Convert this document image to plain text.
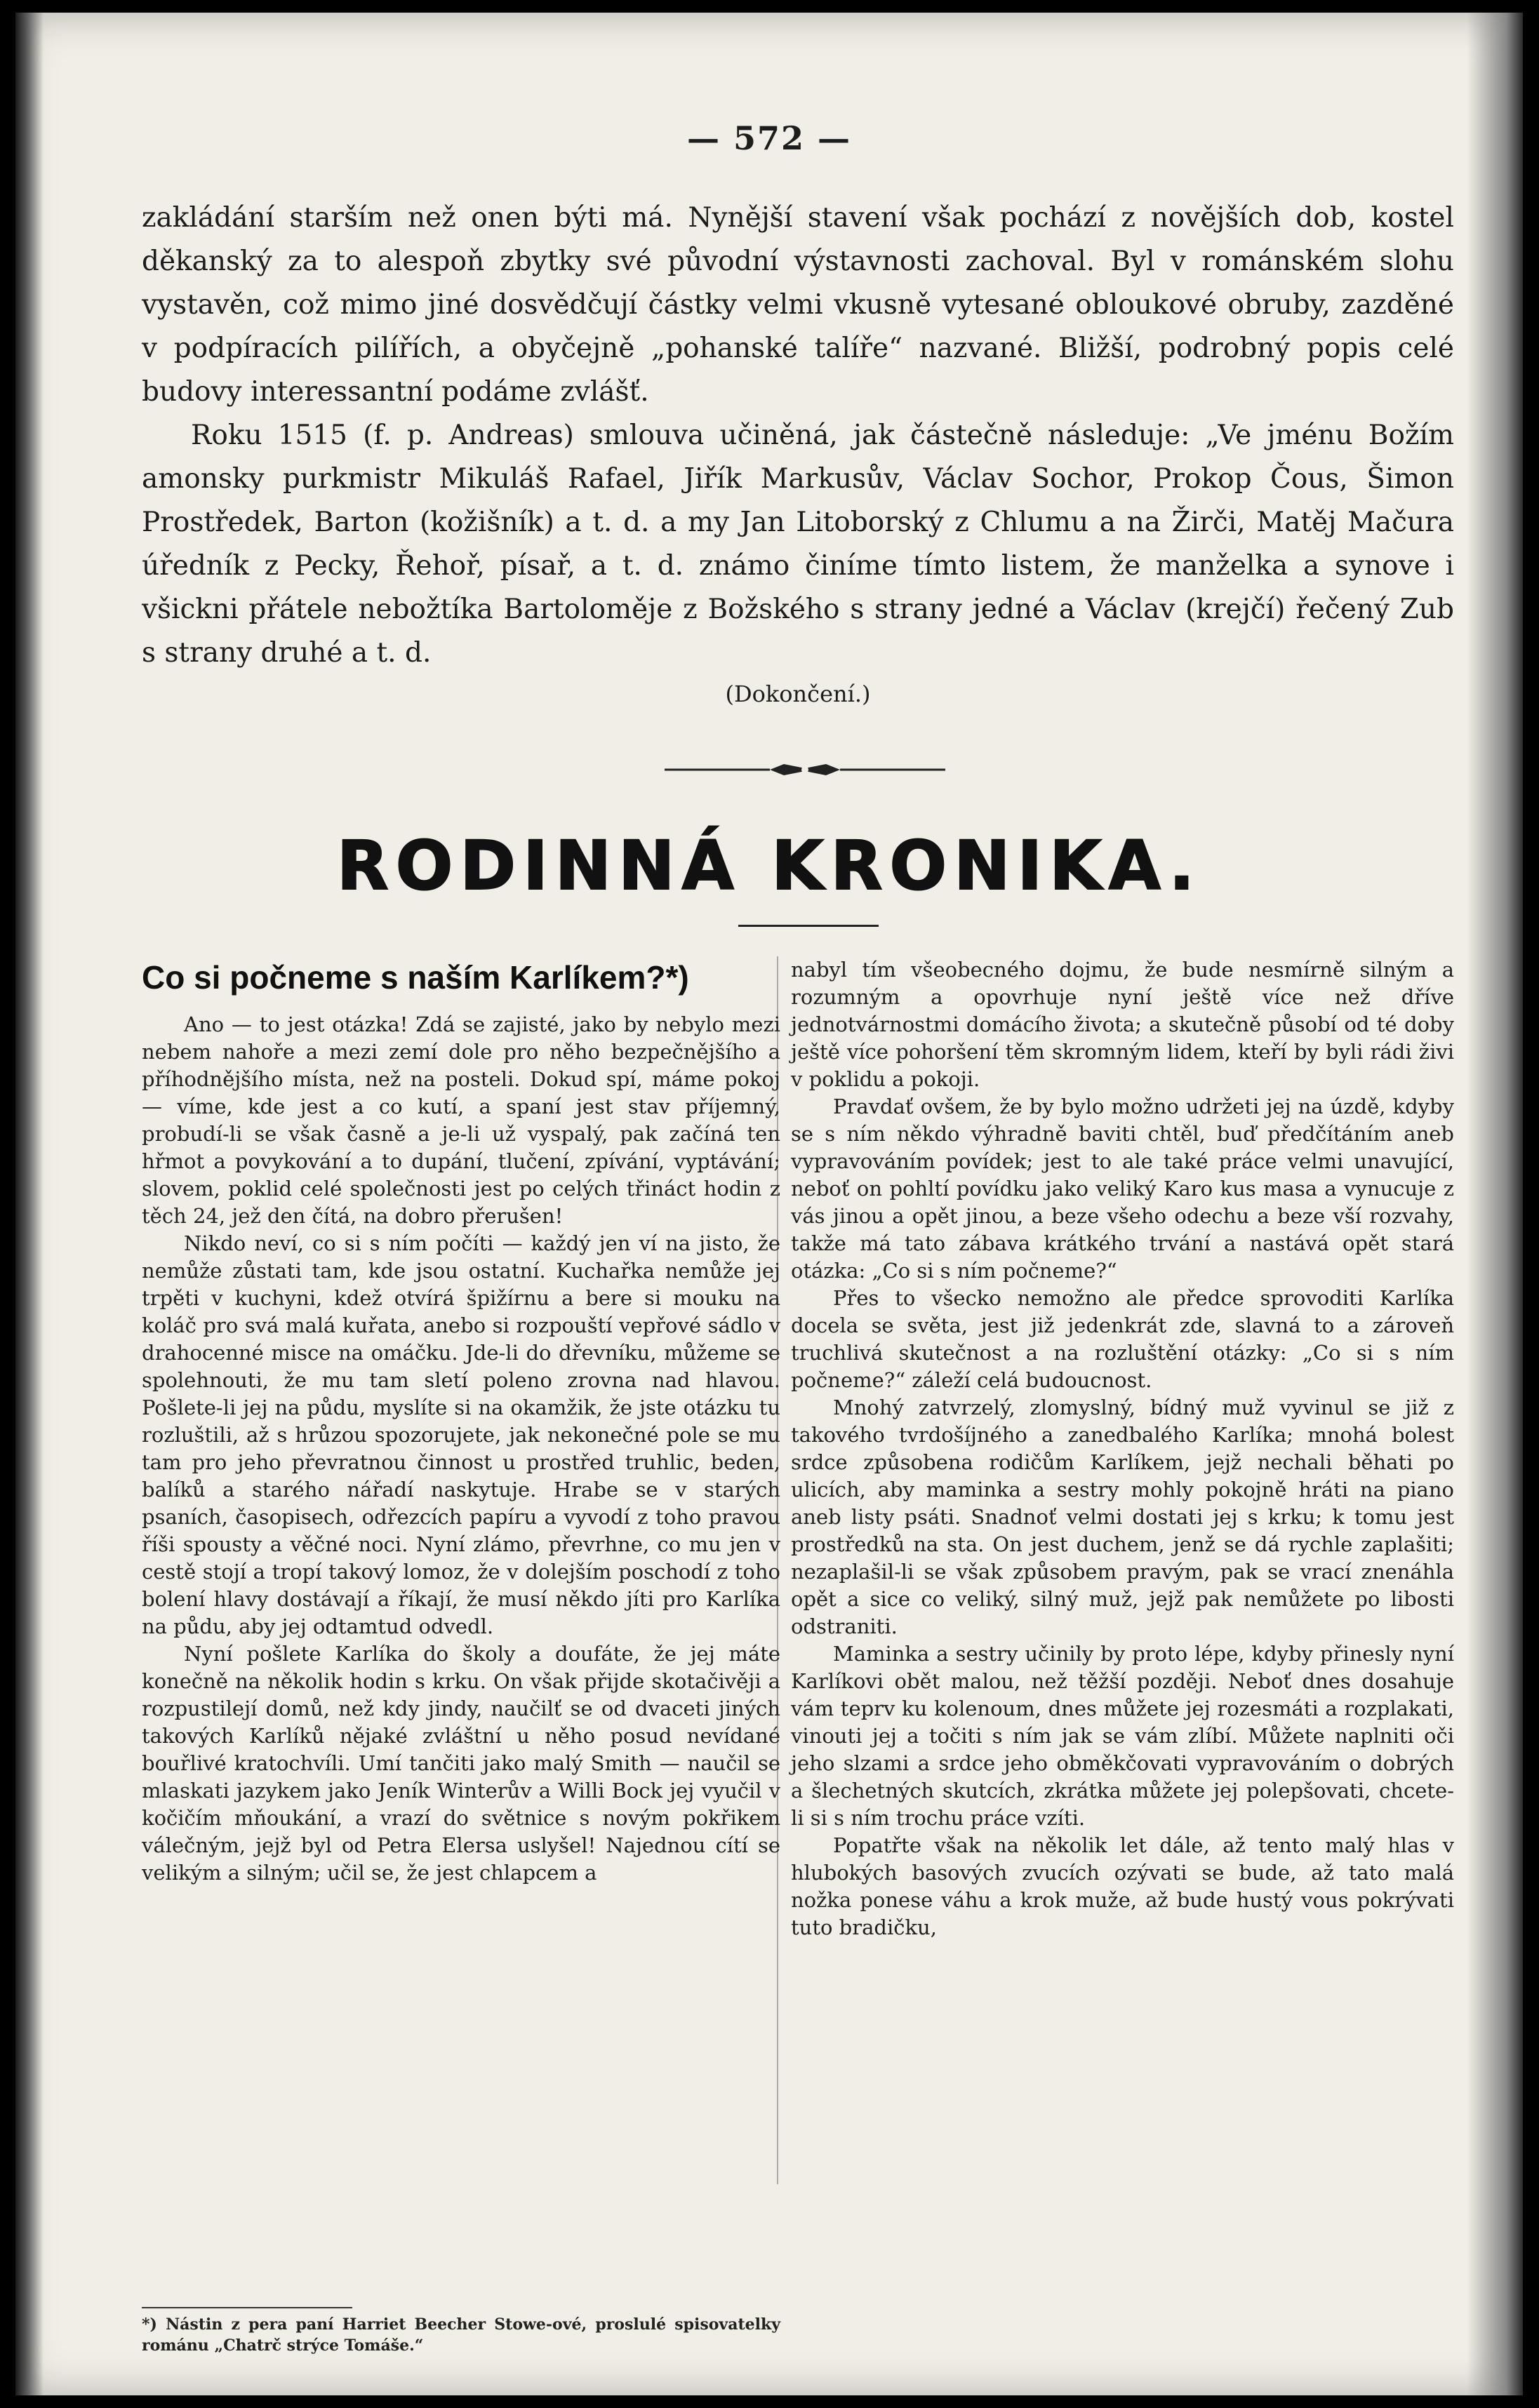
— 572 —

zakládání starším než onen býti má. Nynější stavení však pochází z novějších dob, kostel děkanský za to alespoň zbytky své původní výstavnosti zachoval. Byl v románském slohu vystavěn, což mimo jiné dosvědčují částky velmi vkusně vytesané obloukové obruby, zazděné v podpíracích pilířích, a obyčejně „pohanské talíře“ nazvané. Bližší, podrobný popis celé budovy interessantní podáme zvlášť.

Roku 1515 (f. p. Andreas) smlouva učiněná, jak částečně následuje: „Ve jménu Božím amonsky purkmistr Mikuláš Rafael, Jiřík Markusův, Václav Sochor, Prokop Čous, Šimon Prostředek, Barton (kožišník) a t. d. a my Jan Litoborský z Chlumu a na Žirči, Matěj Mačura úředník z Pecky, Řehoř, písař, a t. d. známo činíme tímto listem, že manželka a synove i všickni přátele nebožtíka Bartoloměje z Božského s strany jedné a Václav (krejčí) řečený Zub s strany druhé a t. d.

(Dokončení.)

RODINNÁ KRONIKA.
Co si počneme s naším Karlíkem?*)

Ano — to jest otázka! Zdá se zajisté, jako by nebylo mezi nebem nahoře a mezi zemí dole pro něho bezpečnějšího a příhodnějšího místa, než na posteli. Dokud spí, máme pokoj — víme, kde jest a co kutí, a spaní jest stav příjemný, probudí-li se však časně a je-li už vyspalý, pak začíná ten hřmot a povykování a to dupání, tlučení, zpívání, vyptávání; slovem, poklid celé společnosti jest po celých třináct hodin z těch 24, jež den čítá, na dobro přerušen!

Nikdo neví, co si s ním počíti — každý jen ví na jisto, že nemůže zůstati tam, kde jsou ostatní. Kuchařka nemůže jej trpěti v kuchyni, kdež otvírá špižírnu a bere si mouku na koláč pro svá malá kuřata, anebo si rozpouští vepřové sádlo v drahocenné misce na omáčku. Jde-li do dřevníku, můžeme se spolehnouti, že mu tam sletí poleno zrovna nad hlavou. Pošlete-li jej na půdu, myslíte si na okamžik, že jste otázku tu rozluštili, až s hrůzou spozorujete, jak nekonečné pole se mu tam pro jeho převratnou činnost u prostřed truhlic, beden, balíků a starého nářadí naskytuje. Hrabe se v starých psaních, časopisech, odřezcích papíru a vyvodí z toho pravou říši spousty a věčné noci. Nyní zlámo, převrhne, co mu jen v cestě stojí a tropí takový lomoz, že v dolejším poschodí z toho bolení hlavy dostávají a říkají, že musí někdo jíti pro Karlíka na půdu, aby jej odtamtud odvedl.

Nyní pošlete Karlíka do školy a doufáte, že jej máte konečně na několik hodin s krku. On však přijde skotačivěji a rozpustilejí domů, než kdy jindy, naučilť se od dvaceti jiných takových Karlíků nějaké zvláštní u něho posud nevídané bouřlivé kratochvíli. Umí tančiti jako malý Smith — naučil se mlaskati jazykem jako Jeník Winterův a Willi Bock jej vyučil v kočičím mňoukání, a vrazí do světnice s novým pokřikem válečným, jejž byl od Petra Elersa uslyšel! Najednou cítí se velikým a silným; učil se, že jest chlapcem a

nabyl tím všeobecného dojmu, že bude nesmírně silným a rozumným a opovrhuje nyní ještě více než dříve jednotvárnostmi domácího života; a skutečně působí od té doby ještě více pohoršení těm skromným lidem, kteří by byli rádi živi v poklidu a pokoji.

Pravdať ovšem, že by bylo možno udržeti jej na úzdě, kdyby se s ním někdo výhradně baviti chtěl, buď předčítáním aneb vypravováním povídek; jest to ale také práce velmi unavující, neboť on pohltí povídku jako veliký Karo kus masa a vynucuje z vás jinou a opět jinou, a beze všeho odechu a beze vší rozvahy, takže má tato zábava krátkého trvání a nastává opět stará otázka: „Co si s ním počneme?“

Přes to všecko nemožno ale předce sprovoditi Karlíka docela se světa, jest již jedenkrát zde, slavná to a zároveň truchlivá skutečnost a na rozluštění otázky: „Co si s ním počneme?“ záleží celá budoucnost.

Mnohý zatvrzelý, zlomyslný, bídný muž vyvinul se již z takového tvrdošíjného a zanedbalého Karlíka; mnohá bolest srdce způsobena rodičům Karlíkem, jejž nechali běhati po ulicích, aby maminka a sestry mohly pokojně hráti na piano aneb listy psáti. Snadnoť velmi dostati jej s krku; k tomu jest prostředků na sta. On jest duchem, jenž se dá rychle zaplašiti; nezaplašil-li se však způsobem pravým, pak se vrací znenáhla opět a sice co veliký, silný muž, jejž pak nemůžete po libosti odstraniti.

Maminka a sestry učinily by proto lépe, kdyby přinesly nyní Karlíkovi obět malou, než těžší později. Neboť dnes dosahuje vám teprv ku kolenoum, dnes můžete jej rozesmáti a rozplakati, vinouti jej a točiti s ním jak se vám zlíbí. Můžete naplniti oči jeho slzami a srdce jeho obměkčovati vypravováním o dobrých a šlechetných skutcích, zkrátka můžete jej polepšovati, chcete-li si s ním trochu práce vzíti.

Popatřte však na několik let dále, až tento malý hlas v hlubokých basových zvucích ozývati se bude, až tato malá nožka ponese váhu a krok muže, až bude hustý vous pokrývati tuto bradičku,

*) Nástin z pera paní Harriet Beecher Stowe-ové, proslulé spisovatelky románu „Chatrč strýce Tomáše.“
